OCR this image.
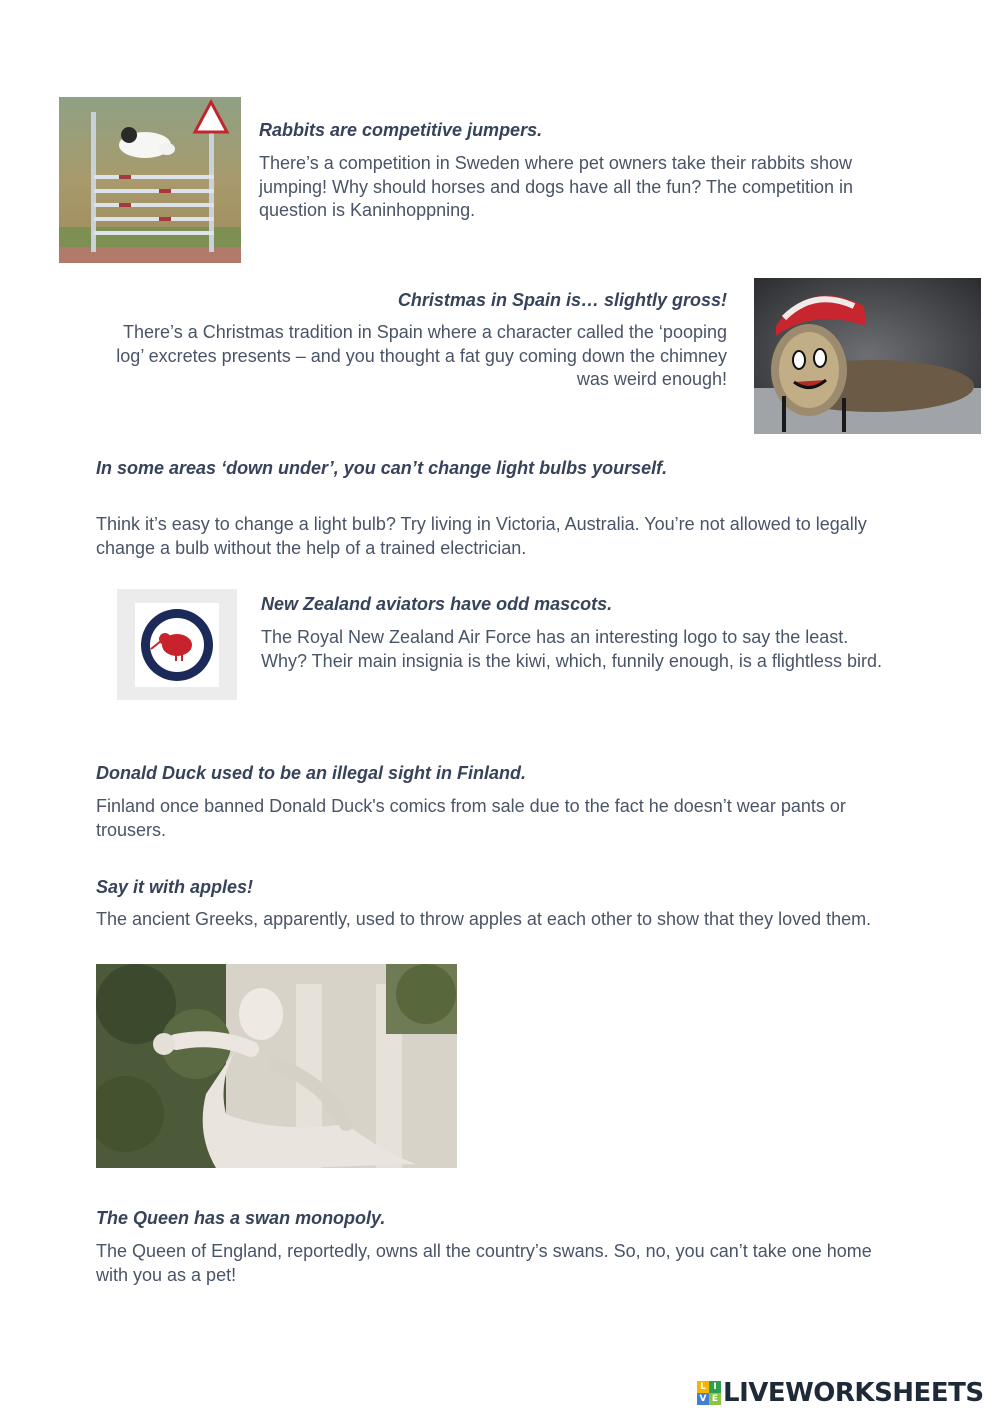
Rabbits are competitive jumpers.

There’s a competition in Sweden where pet owners take their rabbits show jumping! Why should horses and dogs have all the fun? The competition in question is Kaninhoppning.

Christmas in Spain is… slightly gross!

There’s a Christmas tradition in Spain where a character called the ‘pooping log’ excretes presents – and you thought a fat guy coming down the chimney was weird enough!

In some areas ‘down under’, you can’t change light bulbs yourself.

Think it’s easy to change a light bulb? Try living in Victoria, Australia. You’re not allowed to legally change a bulb without the help of a trained electrician.

New Zealand aviators have odd mascots.

The Royal New Zealand Air Force has an interesting logo to say the least. Why? Their main insignia is the kiwi, which, funnily enough, is a flightless bird.

Donald Duck used to be an illegal sight in Finland.

Finland once banned Donald Duck's comics from sale due to the fact he doesn’t wear pants or trousers.

Say it with apples!

The ancient Greeks, apparently, used to throw apples at each other to show that they loved them.

The Queen has a swan monopoly.

The Queen of England, reportedly, owns all the country’s swans. So, no, you can’t take one home with you as a pet!

L I
V E LIVEWORKSHEETS
